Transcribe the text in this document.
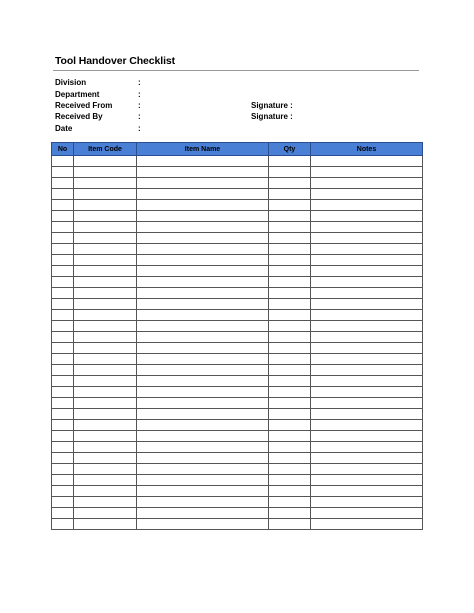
Tool Handover Checklist
Division	:
Department	:
Received From	:	Signature :
Received By	:	Signature :
Date	:
No	Item Code	Item Name	Qty	Notes
